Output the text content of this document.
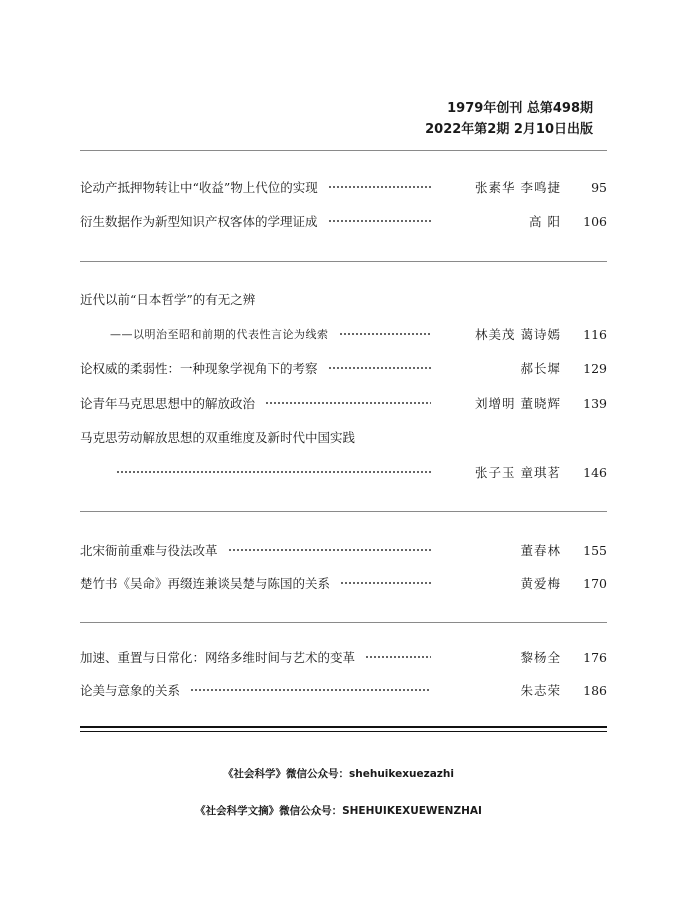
1979年创刊 总第498期
2022年第2期 2月10日出版
论动产抵押物转让中“收益”物上代位的实现	张素华 李鸣捷	95
衍生数据作为新型知识产权客体的学理证成	高 阳	106
近代以前“日本哲学”的有无之辨
——以明治至昭和前期的代表性言论为线索	林美茂 蔼诗嫣	116
论权威的柔弱性：一种现象学视角下的考察	郝长墀	129
论青年马克思思想中的解放政治	刘增明 董晓辉	139
马克思劳动解放思想的双重维度及新时代中国实践
张子玉 童琪茗	146
北宋衙前重难与役法改革	董春林	155
楚竹书《吴命》再缀连兼谈吴楚与陈国的关系	黄爱梅	170
加速、重置与日常化：网络多维时间与艺术的变革	黎杨全	176
论美与意象的关系	朱志荣	186
《社会科学》微信公众号：shehuikexuezazhi
《社会科学文摘》微信公众号：SHEHUIKEXUEWENZHAI
